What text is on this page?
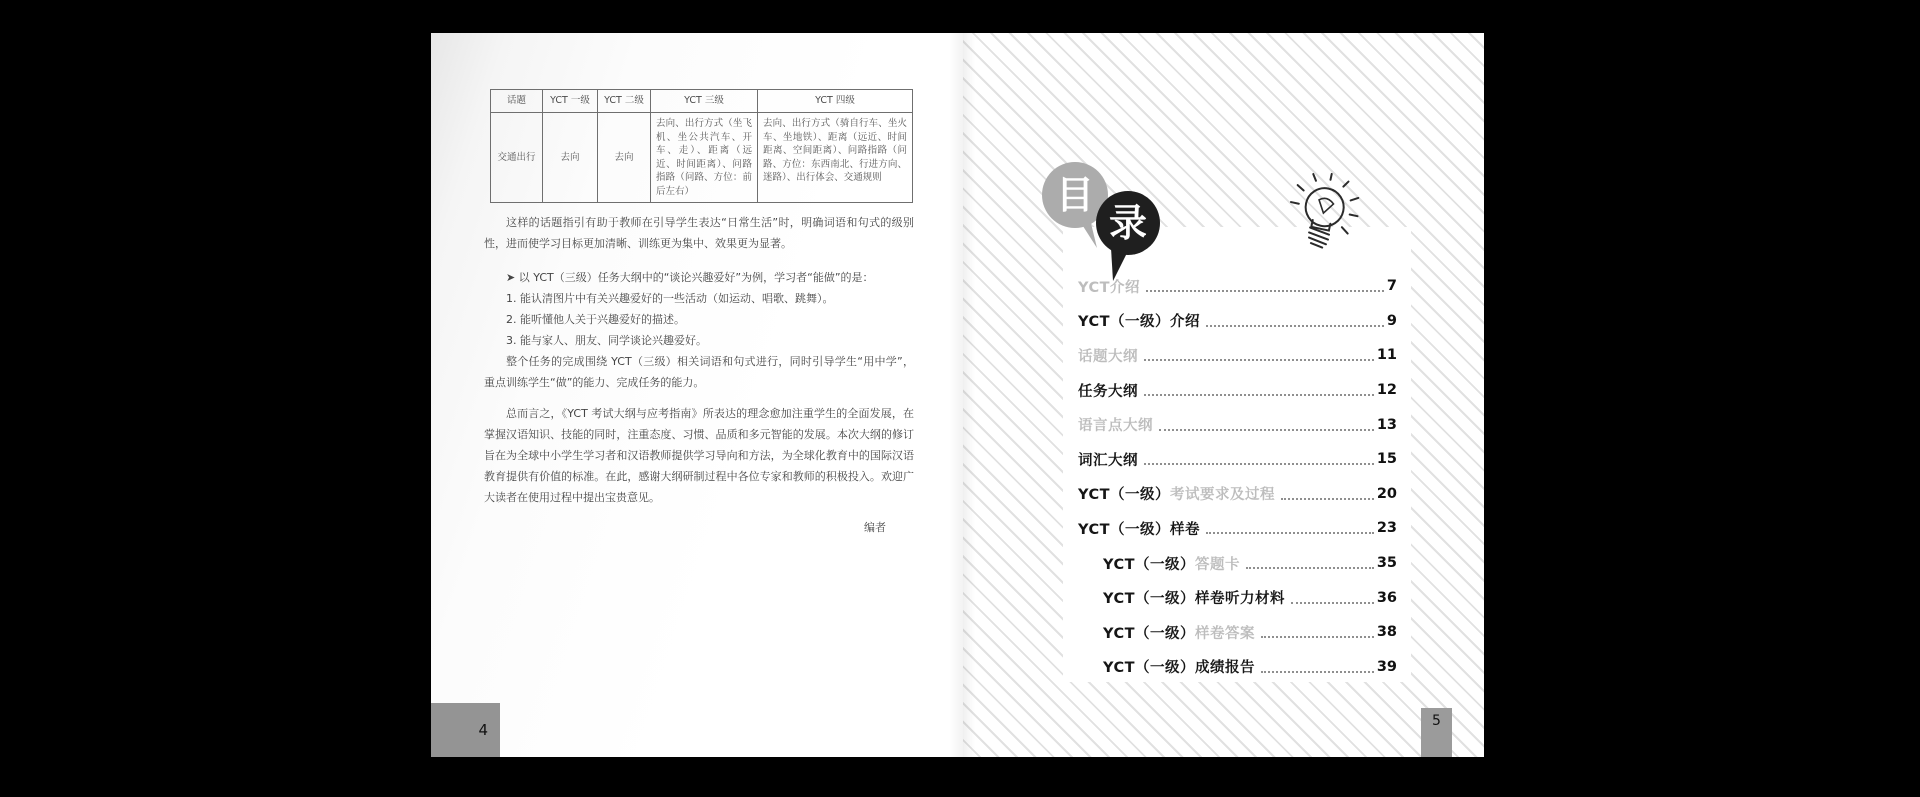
话题	YCT 一级	YCT 二级	YCT 三级	YCT 四级
交通出行	去向	去向	去向、出行方式（坐飞机、坐公共汽车、开车、走）、距离（远近、时间距离）、问路指路（问路、方位：前后左右）	去向、出行方式（骑自行车、坐火车、坐地铁）、距离（远近、时间距离、空间距离）、问路指路（问路、方位：东西南北、行进方向、迷路）、出行体会、交通规则

这样的话题指引有助于教师在引导学生表达“日常生活”时，明确词语和句式的级别性，进而使学习目标更加清晰、训练更为集中、效果更为显著。

➤ 以 YCT（三级）任务大纲中的“谈论兴趣爱好”为例，学习者“能做”的是：

1. 能认清图片中有关兴趣爱好的一些活动（如运动、唱歌、跳舞）。

2. 能听懂他人关于兴趣爱好的描述。

3. 能与家人、朋友、同学谈论兴趣爱好。

整个任务的完成围绕 YCT（三级）相关词语和句式进行，同时引导学生“用中学”，重点训练学生“做”的能力、完成任务的能力。

总而言之，《YCT 考试大纲与应考指南》所表达的理念愈加注重学生的全面发展，在掌握汉语知识、技能的同时，注重态度、习惯、品质和多元智能的发展。本次大纲的修订旨在为全球中小学生学习者和汉语教师提供学习导向和方法，为全球化教育中的国际汉语教育提供有价值的标准。在此，感谢大纲研制过程中各位专家和教师的积极投入。欢迎广大读者在使用过程中提出宝贵意见。

编者

4
目
录
YCT介绍	7
YCT（一级）介绍	9
话题大纲	11
任务大纲	12
语言点大纲	13
词汇大纲	15
YCT（一级）考试要求及过程	20
YCT（一级）样卷	23
YCT（一级）答题卡	35
YCT（一级）样卷听力材料	36
YCT（一级）样卷答案	38
YCT（一级）成绩报告	39
5
